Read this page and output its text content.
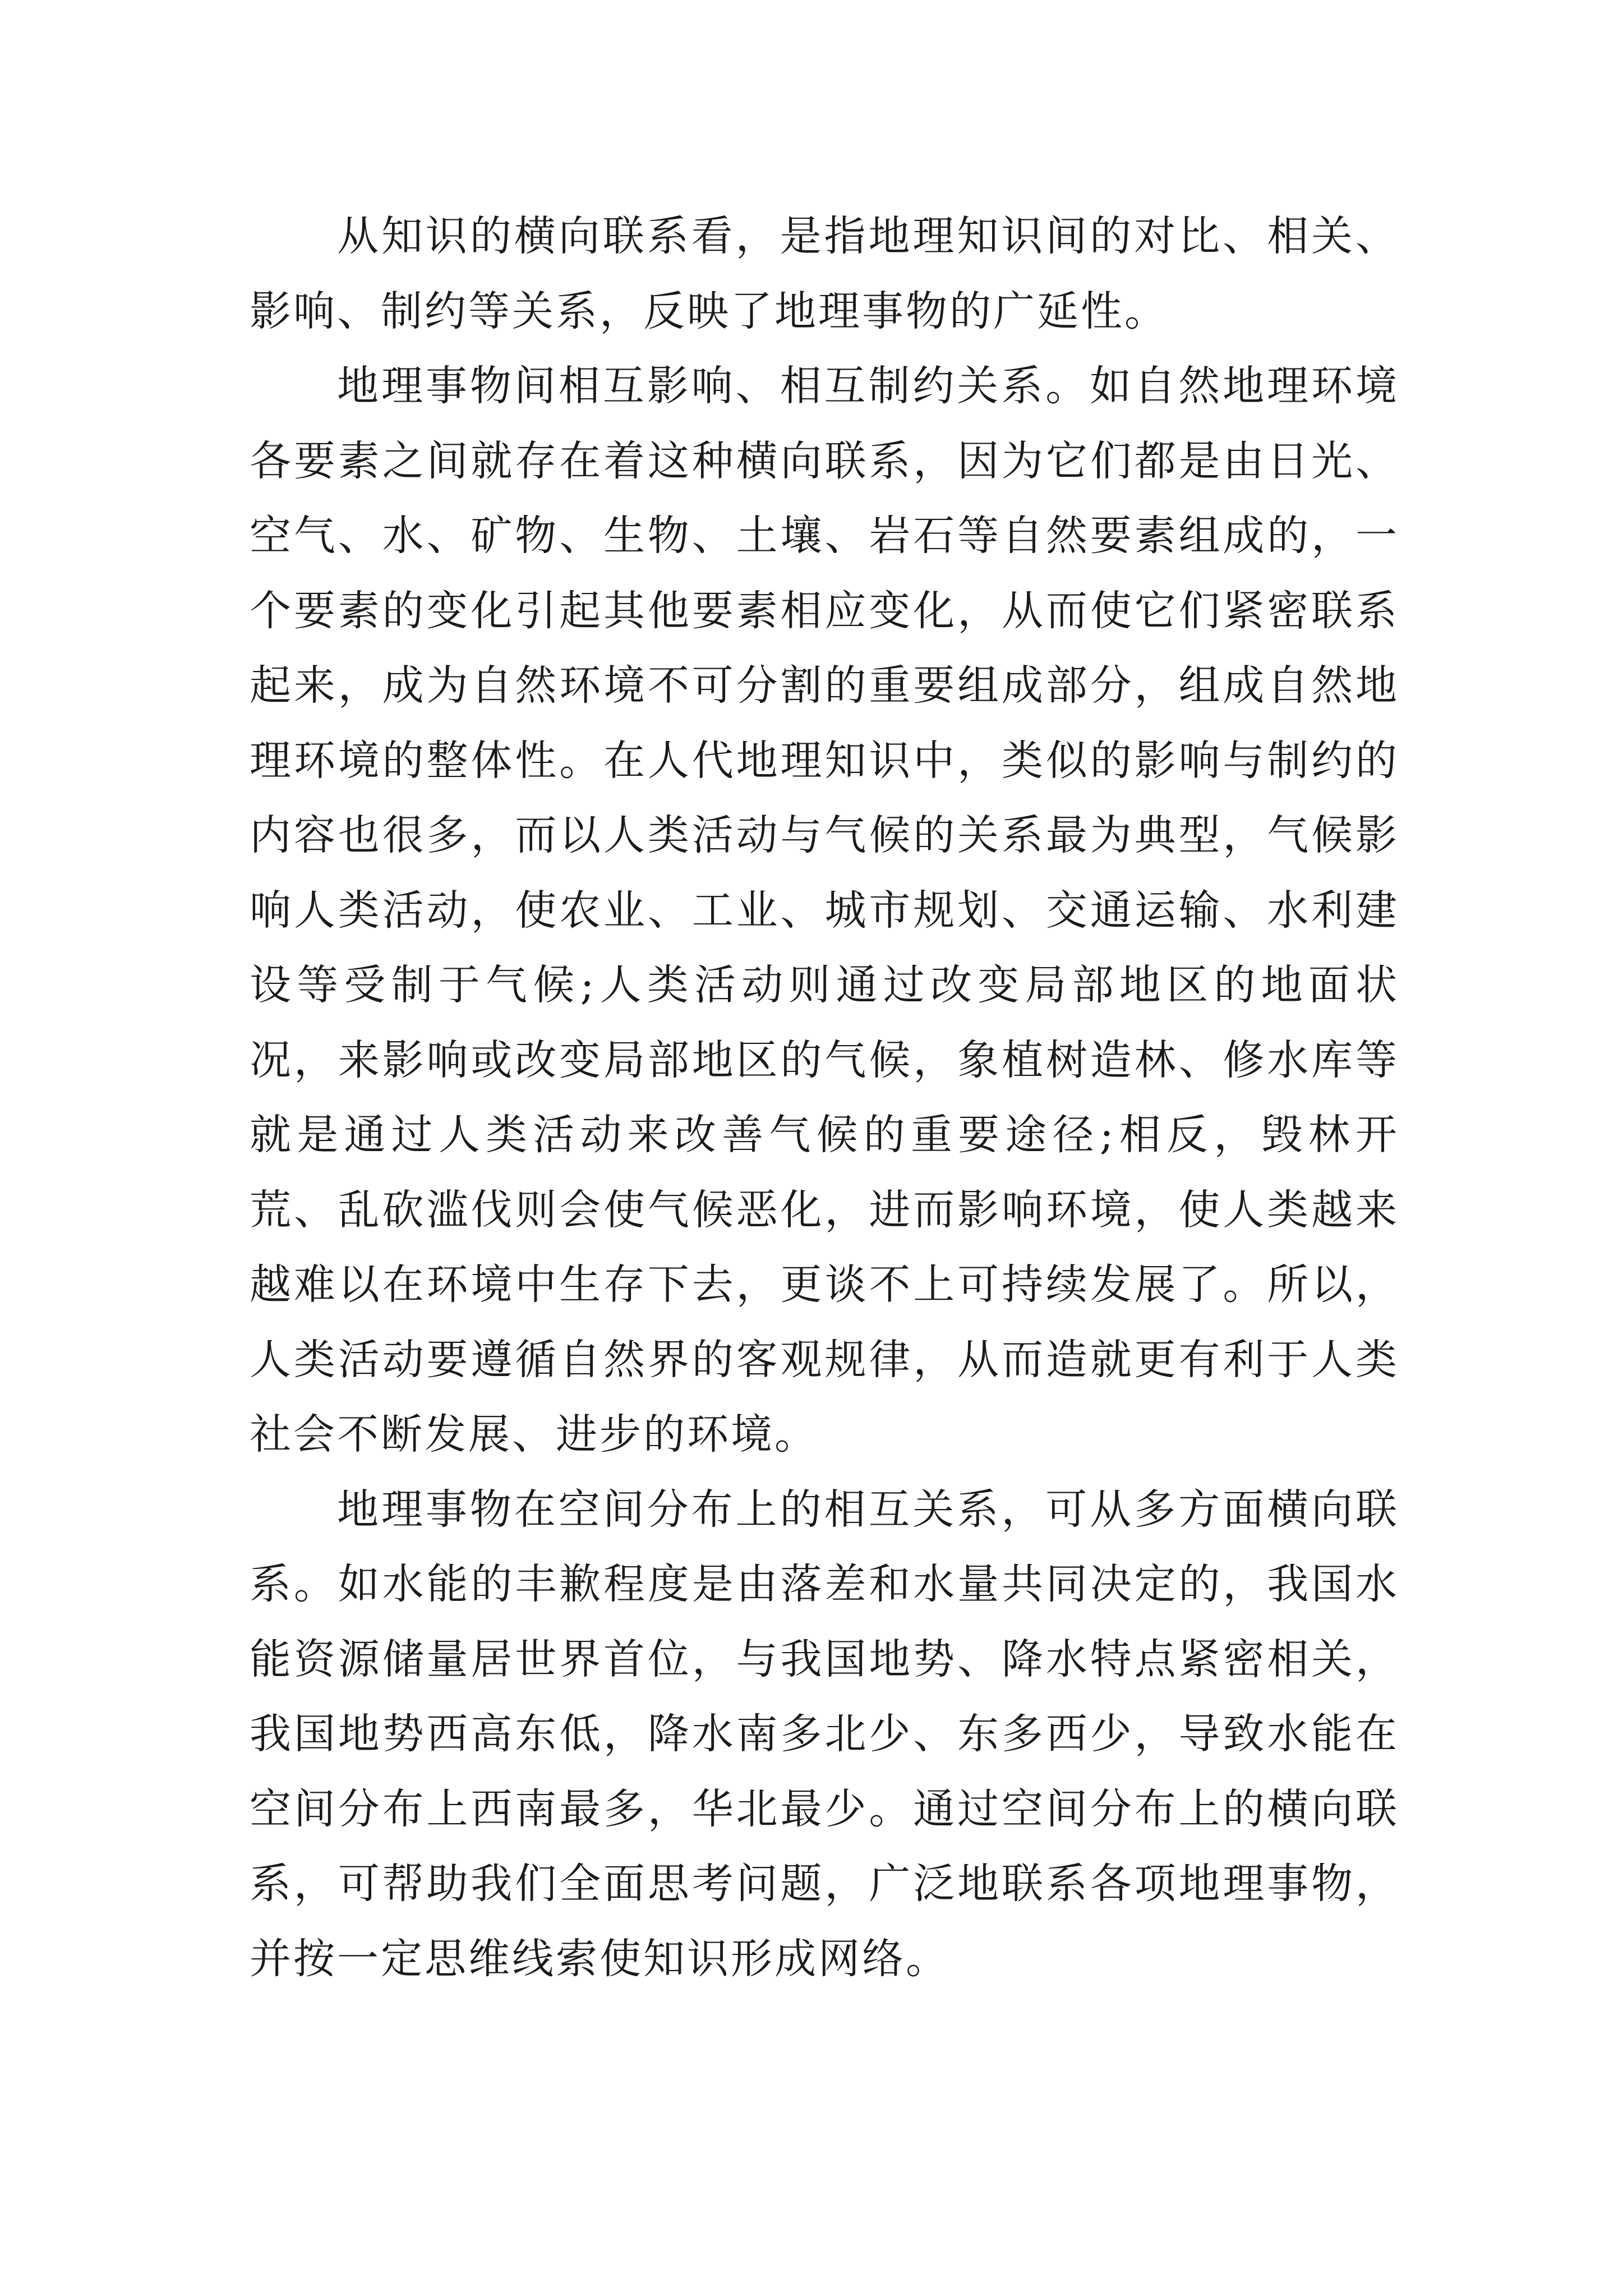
从知识的横向联系看，是指地理知识间的对比、相关、影响、制约等关系，反映了地理事物的广延性。

地理事物间相互影响、相互制约关系。如自然地理环境各要素之间就存在着这种横向联系，因为它们都是由日光、空气、水、矿物、生物、土壤、岩石等自然要素组成的，一个要素的变化引起其他要素相应变化，从而使它们紧密联系起来，成为自然环境不可分割的重要组成部分，组成自然地理环境的整体性。在人代地理知识中，类似的影响与制约的内容也很多，而以人类活动与气候的关系最为典型，气候影响人类活动，使农业、工业、城市规划、交通运输、水利建设等受制于气候;人类活动则通过改变局部地区的地面状况，来影响或改变局部地区的气候，象植树造林、修水库等就是通过人类活动来改善气候的重要途径;相反，毁林开荒、乱砍滥伐则会使气候恶化，进而影响环境，使人类越来越难以在环境中生存下去，更谈不上可持续发展了。所以，人类活动要遵循自然界的客观规律，从而造就更有利于人类社会不断发展、进步的环境。

地理事物在空间分布上的相互关系，可从多方面横向联系。如水能的丰歉程度是由落差和水量共同决定的，我国水能资源储量居世界首位，与我国地势、降水特点紧密相关，我国地势西高东低，降水南多北少、东多西少，导致水能在空间分布上西南最多，华北最少。通过空间分布上的横向联系，可帮助我们全面思考问题，广泛地联系各项地理事物，并按一定思维线索使知识形成网络。
